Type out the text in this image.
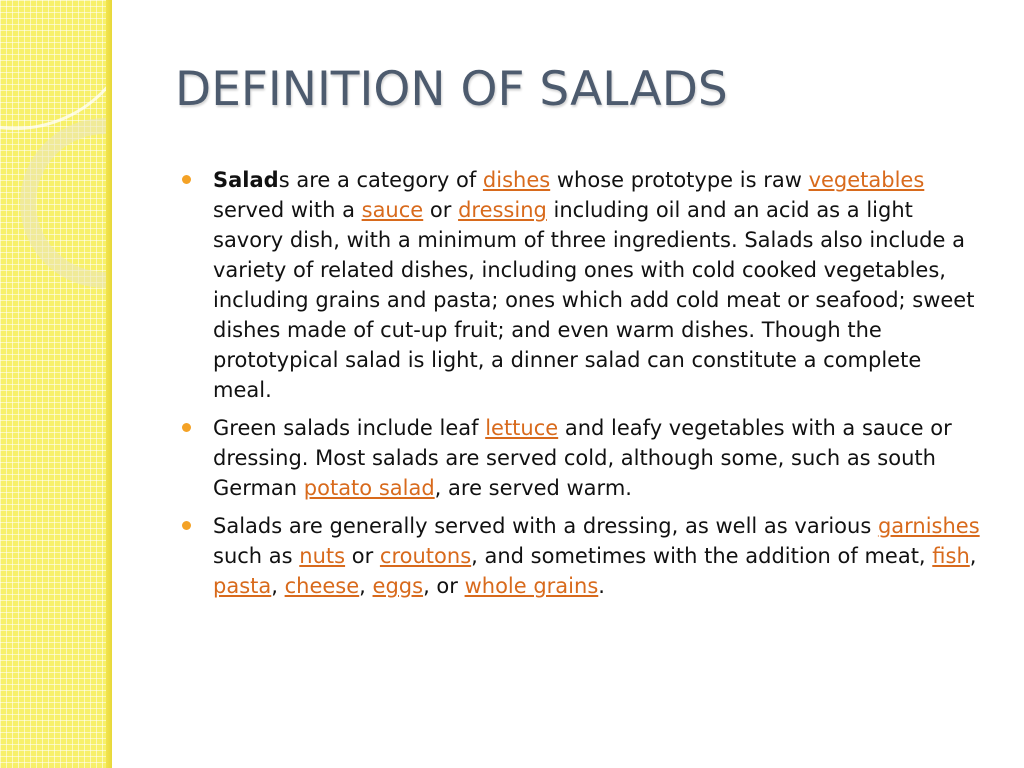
DEFINITION OF SALADS
Salads are a category of dishes whose prototype is raw vegetables served with a sauce or dressing including oil and an acid as a light savory dish, with a minimum of three ingredients. Salads also include a variety of related dishes, including ones with cold cooked vegetables, including grains and pasta; ones which add cold meat or seafood; sweet dishes made of cut-up fruit; and even warm dishes. Though the prototypical salad is light, a dinner salad can constitute a complete meal.
Green salads include leaf lettuce and leafy vegetables with a sauce or dressing. Most salads are served cold, although some, such as south German potato salad, are served warm.
Salads are generally served with a dressing, as well as various garnishes such as nuts or croutons, and sometimes with the addition of meat, fish, pasta, cheese, eggs, or whole grains.
